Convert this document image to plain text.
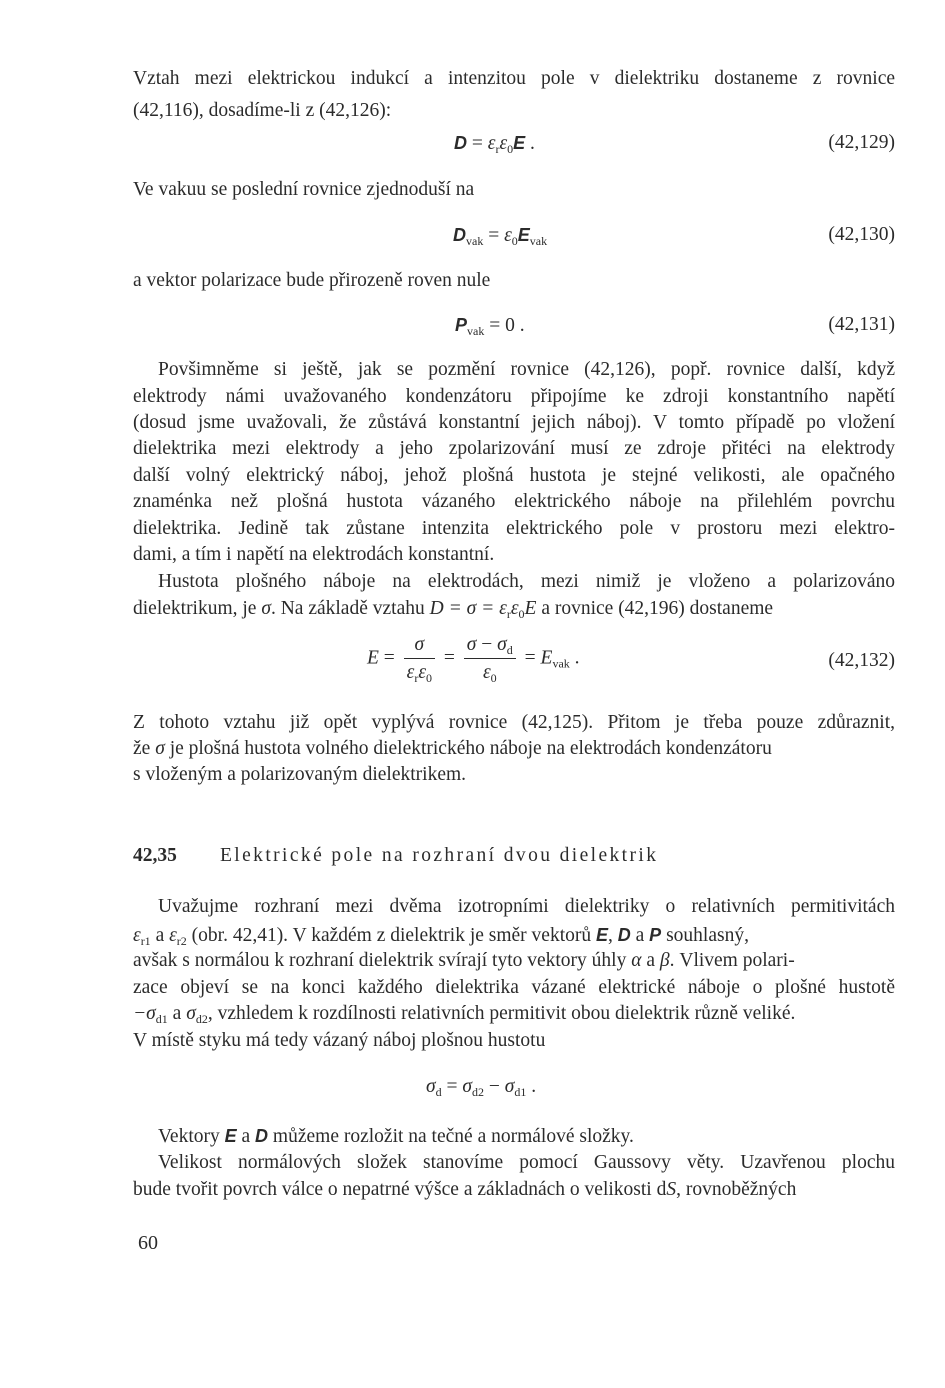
Vztah mezi elektrickou indukcí a intenzitou pole v dielektriku dostaneme z rovnice

(42,116), dosadíme-li z (42,126):

$D = \varepsilon_r\varepsilon_0E$ .	(42,129)

Ve vakuu se poslední rovnice zjednoduší na

$D_{vak} = \varepsilon_0E_{vak}$	(42,130)

a vektor polarizace bude přirozeně roven nule

$P_{vak} = 0$ .	(42,131)

Povšimněme si ještě, jak se pozmění rovnice (42,126), popř. rovnice další, když

elektrody námi uvažovaného kondenzátoru připojíme ke zdroji konstantního napětí

(dosud jsme uvažovali, že zůstává konstantní jejich náboj). V tomto případě po vložení

dielektrika mezi elektrody a jeho zpolarizování musí ze zdroje přitéci na elektrody

další volný elektrický náboj, jehož plošná hustota je stejné velikosti, ale opačného

znaménka než plošná hustota vázaného elektrického náboje na přilehlém povrchu

dielektrika. Jedině tak zůstane intenzita elektrického pole v prostoru mezi elektro-

dami, a tím i napětí na elektrodách konstantní.

Hustota plošného náboje na elektrodách, mezi nimiž je vloženo a polarizováno

dielektrikum, je σ. Na základě vztahu $D = \sigma = \varepsilon_r\varepsilon_0E$ a rovnice (42,196) dostaneme

$E = \frac{\sigma}{\varepsilon_r\varepsilon_0} = \frac{\sigma - \sigma_d}{\varepsilon_0} = E_{vak}$ .	(42,132)

Z tohoto vztahu již opět vyplývá rovnice (42,125). Přitom je třeba pouze zdůraznit,

že σ je plošná hustota volného dielektrického náboje na elektrodách kondenzátoru

s vloženým a polarizovaným dielektrikem.

42,35 Elektrické pole na rozhraní dvou dielektrik

Uvažujme rozhraní mezi dvěma izotropními dielektriky o relativních permitivitách

$\varepsilon_{r1}$ a $\varepsilon_{r2}$ (obr. 42,41). V každém z dielektrik je směr vektorů E, D a P souhlasný,

avšak s normálou k rozhraní dielektrik svírají tyto vektory úhly α a β. Vlivem polari-

zace objeví se na konci každého dielektrika vázané elektrické náboje o plošné hustotě

$-\sigma_{d1}$ a $\sigma_{d2}$, vzhledem k rozdílnosti relativních permitivit obou dielektrik různě veliké.

V místě styku má tedy vázaný náboj plošnou hustotu

$\sigma_d = \sigma_{d2} - \sigma_{d1}$ .

Vektory E a D můžeme rozložit na tečné a normálové složky.

Velikost normálových složek stanovíme pomocí Gaussovy věty. Uzavřenou plochu

bude tvořit povrch válce o nepatrné výšce a základnách o velikosti dS, rovnoběžných

60
